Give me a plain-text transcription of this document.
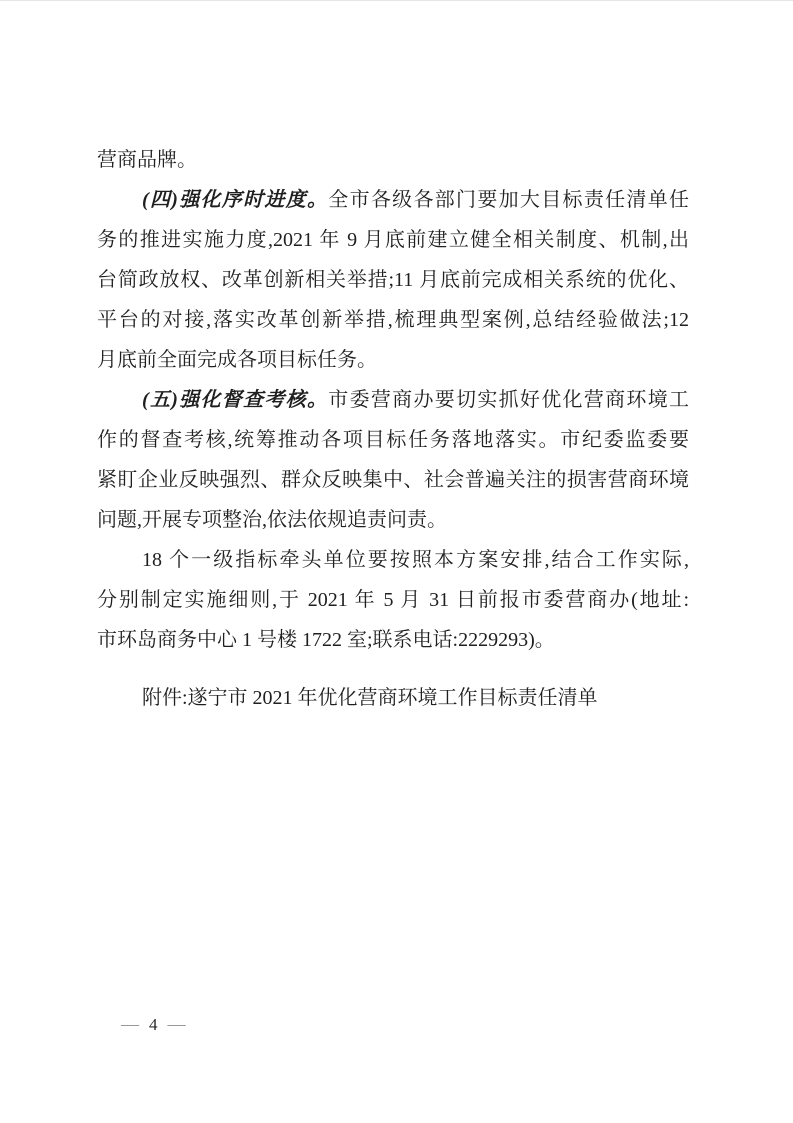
营商品牌。
(四)强化序时进度。全市各级各部门要加大目标责任清单任
务的推进实施力度,2021 年 9 月底前建立健全相关制度、机制,出
台简政放权、改革创新相关举措;11 月底前完成相关系统的优化、
平台的对接,落实改革创新举措,梳理典型案例,总结经验做法;12
月底前全面完成各项目标任务。
(五)强化督查考核。市委营商办要切实抓好优化营商环境工
作的督查考核,统筹推动各项目标任务落地落实。市纪委监委要
紧盯企业反映强烈、群众反映集中、社会普遍关注的损害营商环境
问题,开展专项整治,依法依规追责问责。
18 个一级指标牵头单位要按照本方案安排,结合工作实际,
分别制定实施细则,于 2021 年 5 月 31 日前报市委营商办(地址:
市环岛商务中心 1 号楼 1722 室;联系电话:2229293)。
附件:遂宁市 2021 年优化营商环境工作目标责任清单
— 4 —
